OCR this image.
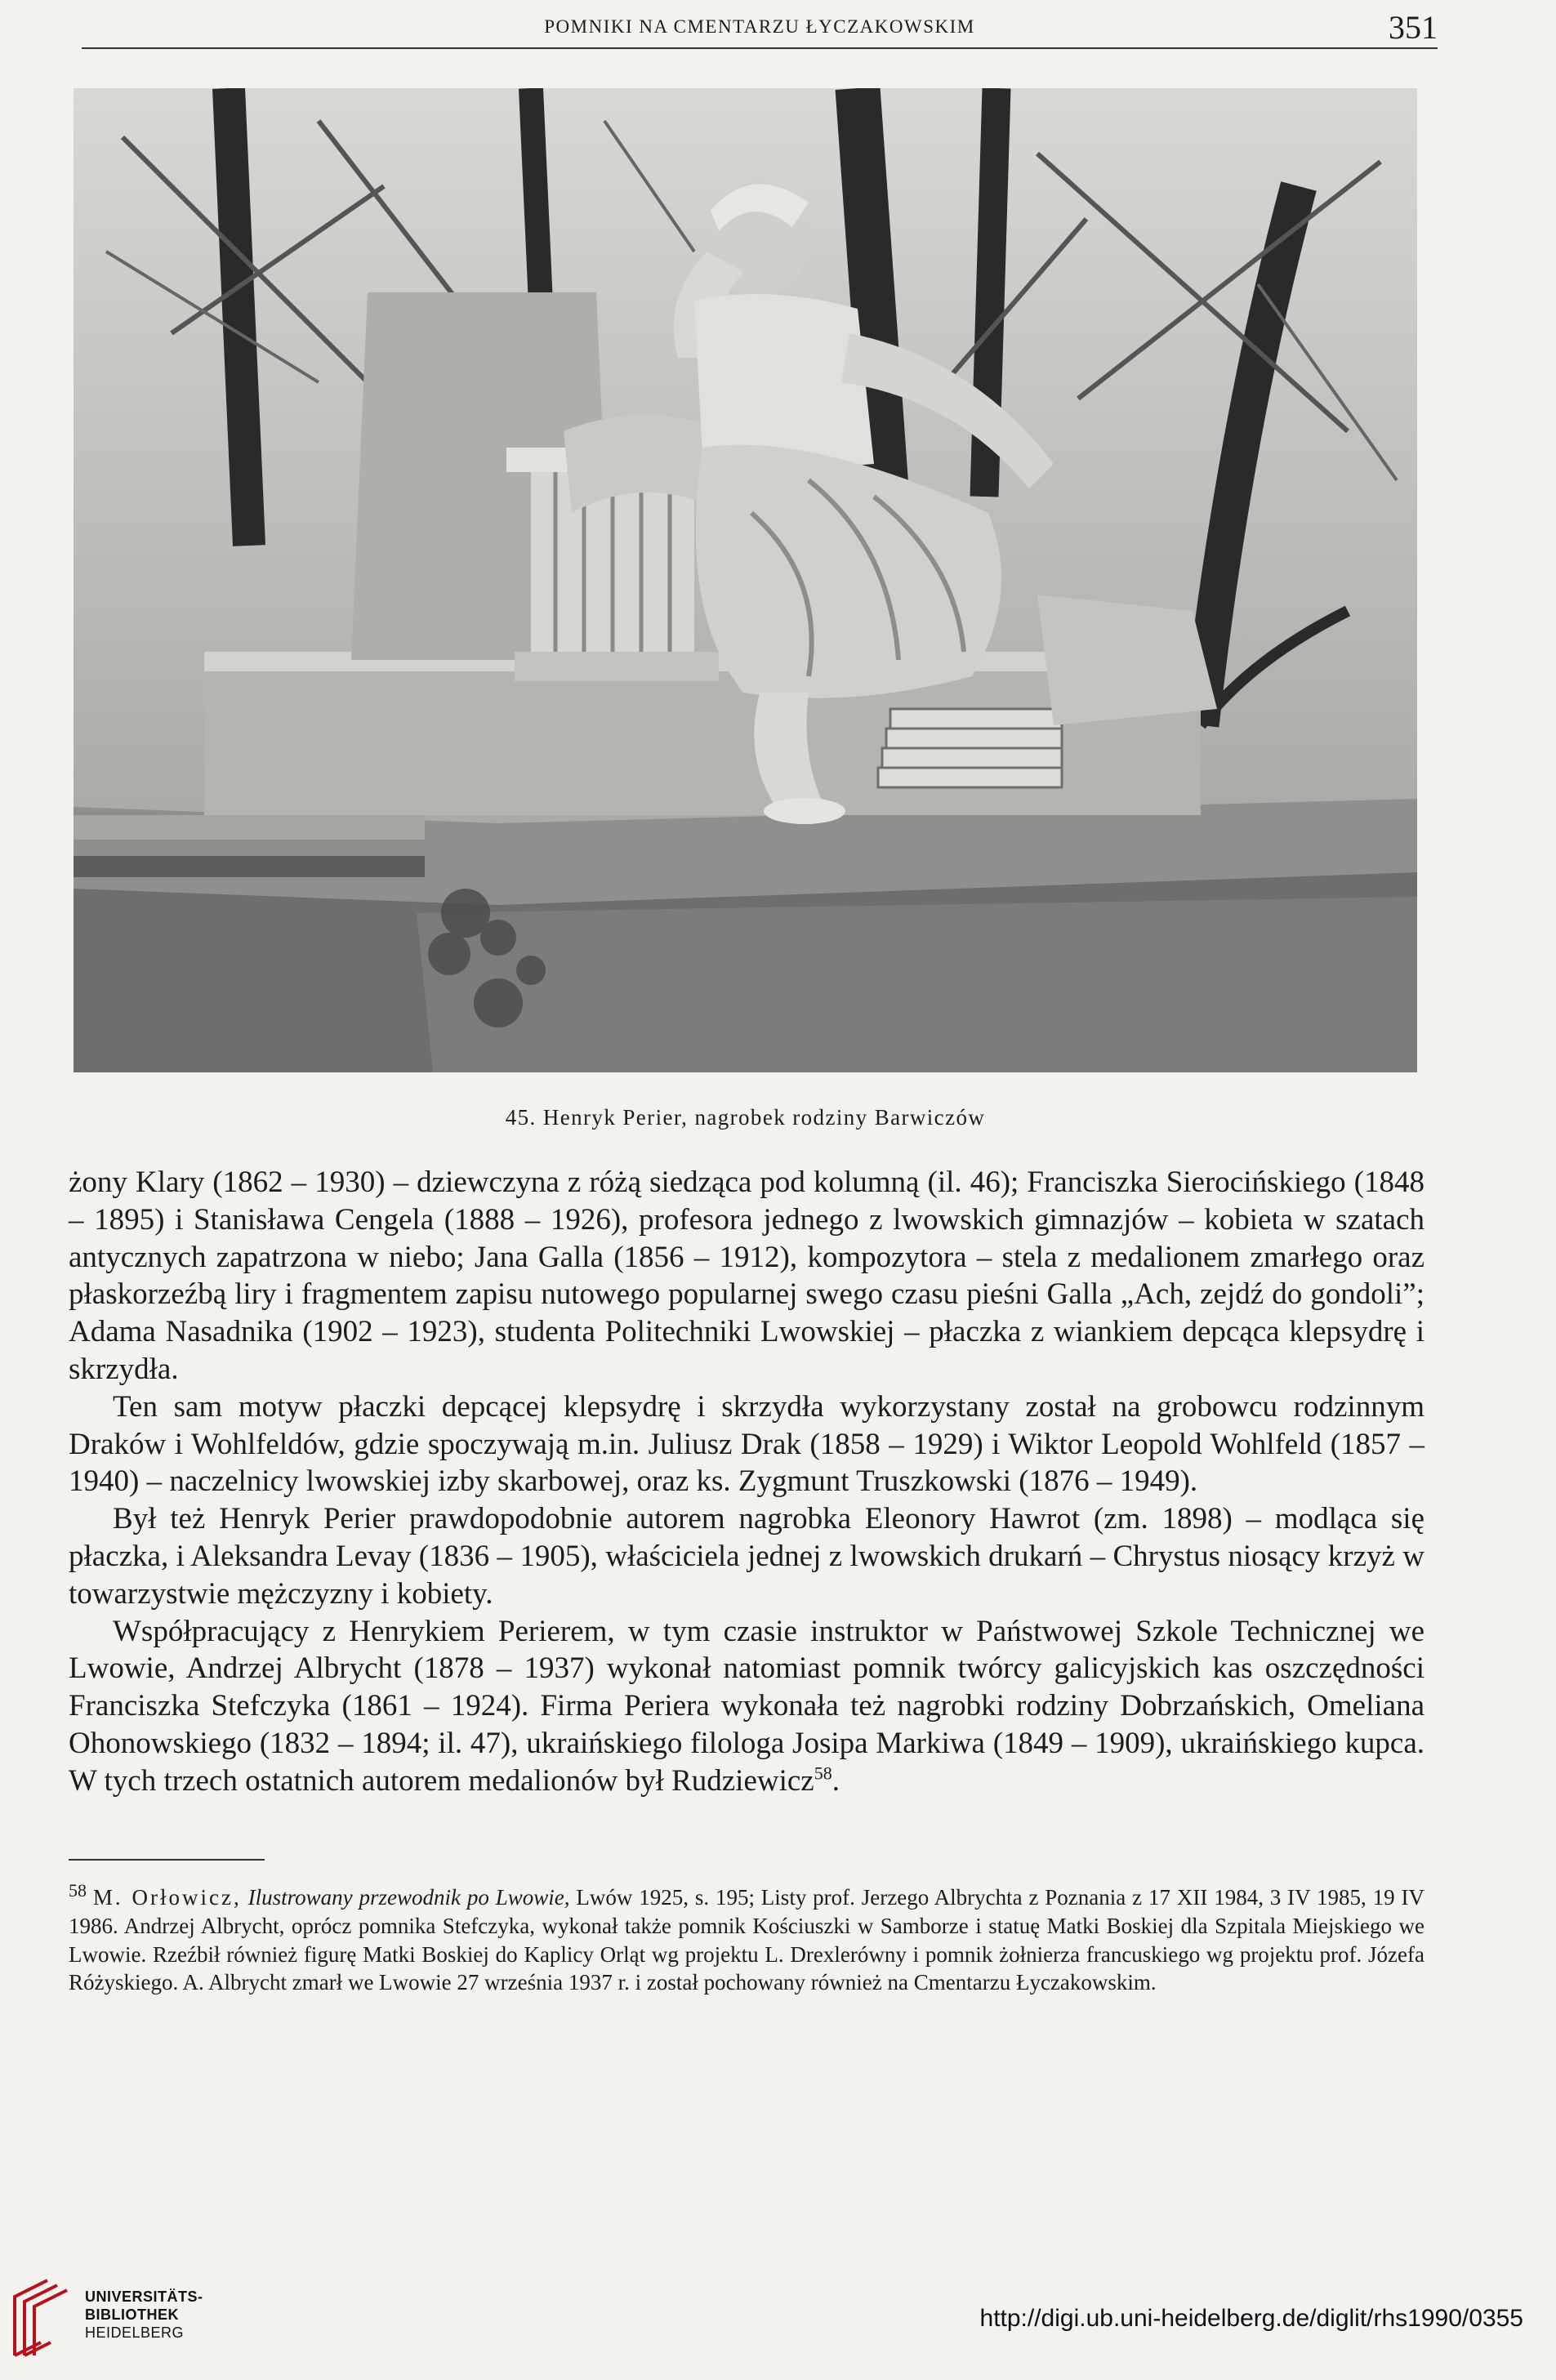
POMNIKI NA CMENTARZU ŁYCZAKOWSKIM	351
45. Henryk Perier, nagrobek rodziny Barwiczów

żony Klary (1862 – 1930) – dziewczyna z różą siedząca pod kolumną (il. 46); Franciszka Sierocińskiego (1848 – 1895) i Stanisława Cengela (1888 – 1926), profesora jednego z lwowskich gimnazjów – kobieta w szatach antycznych zapatrzona w niebo; Jana Galla (1856 – 1912), kompozytora – stela z medalionem zmarłego oraz płaskorzeźbą liry i fragmentem zapisu nutowego popularnej swego czasu pieśni Galla „Ach, zejdź do gondoli”; Adama Nasadnika (1902 – 1923), studenta Politechniki Lwowskiej – płaczka z wiankiem depcąca klepsydrę i skrzydła.

Ten sam motyw płaczki depcącej klepsydrę i skrzydła wykorzystany został na grobowcu rodzinnym Draków i Wohlfeldów, gdzie spoczywają m.in. Juliusz Drak (1858 – 1929) i Wiktor Leopold Wohlfeld (1857 – 1940) – naczelnicy lwowskiej izby skarbowej, oraz ks. Zygmunt Truszkowski (1876 – 1949).

Był też Henryk Perier prawdopodobnie autorem nagrobka Eleonory Hawrot (zm. 1898) – modląca się płaczka, i Aleksandra Levay (1836 – 1905), właściciela jednej z lwowskich drukarń – Chrystus niosący krzyż w towarzystwie mężczyzny i kobiety.

Współpracujący z Henrykiem Perierem, w tym czasie instruktor w Państwowej Szkole Technicznej we Lwowie, Andrzej Albrycht (1878 – 1937) wykonał natomiast pomnik twórcy galicyjskich kas oszczędności Franciszka Stefczyka (1861 – 1924). Firma Periera wykonała też nagrobki rodziny Dobrzańskich, Omeliana Ohonowskiego (1832 – 1894; il. 47), ukraińskiego filologa Josipa Markiwa (1849 – 1909), ukraińskiego kupca. W tych trzech ostatnich autorem medalionów był Rudziewicz$^{58}$.

$^{58}$ M. Orłowicz, Ilustrowany przewodnik po Lwowie, Lwów 1925, s. 195; Listy prof. Jerzego Albrychta z Poznania z 17 XII 1984, 3 IV 1985, 19 IV 1986. Andrzej Albrycht, oprócz pomnika Stefczyka, wykonał także pomnik Kościuszki w Samborze i statuę Matki Boskiej dla Szpitala Miejskiego we Lwowie. Rzeźbił również figurę Matki Boskiej do Kaplicy Orląt wg projektu L. Drexlerówny i pomnik żołnierza francuskiego wg projektu prof. Józefa Różyskiego. A. Albrycht zmarł we Lwowie 27 września 1937 r. i został pochowany również na Cmentarzu Łyczakowskim.

UNIVERSITÄTS-
BIBLIOTHEK
HEIDELBERG
http://digi.ub.uni-heidelberg.de/diglit/rhs1990/0355
